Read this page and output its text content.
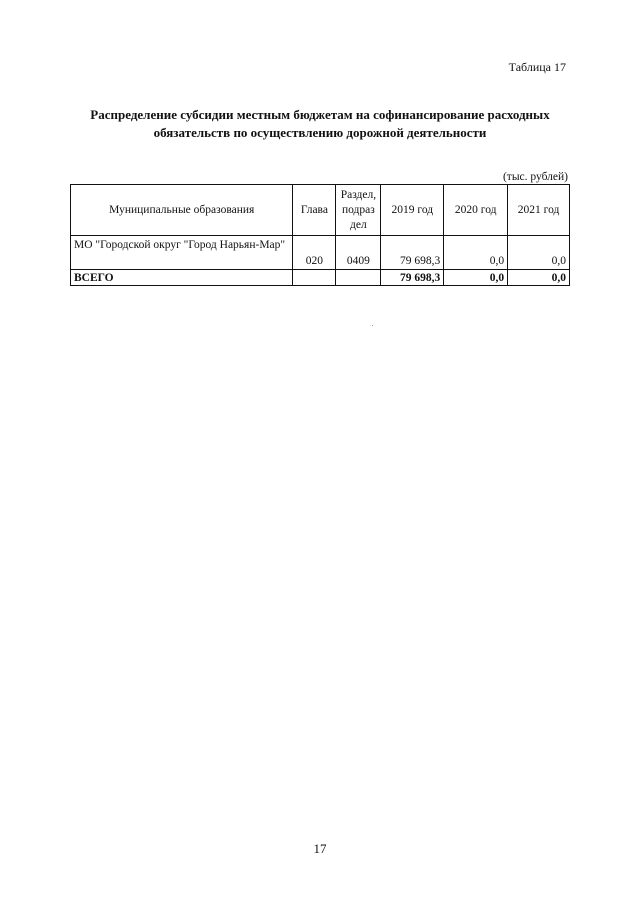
Таблица 17
Распределение субсидии местным бюджетам на софинансирование расходных
обязательств по осуществлению дорожной деятельности
(тыс. рублей)
Муниципальные образования	Глава	Раздел,
подраз
дел	2019 год	2020 год	2021 год
МО "Городской округ "Город Нарьян-Мар"	020	0409	79 698,3	0,0	0,0
ВСЕГО			79 698,3	0,0	0,0
17
